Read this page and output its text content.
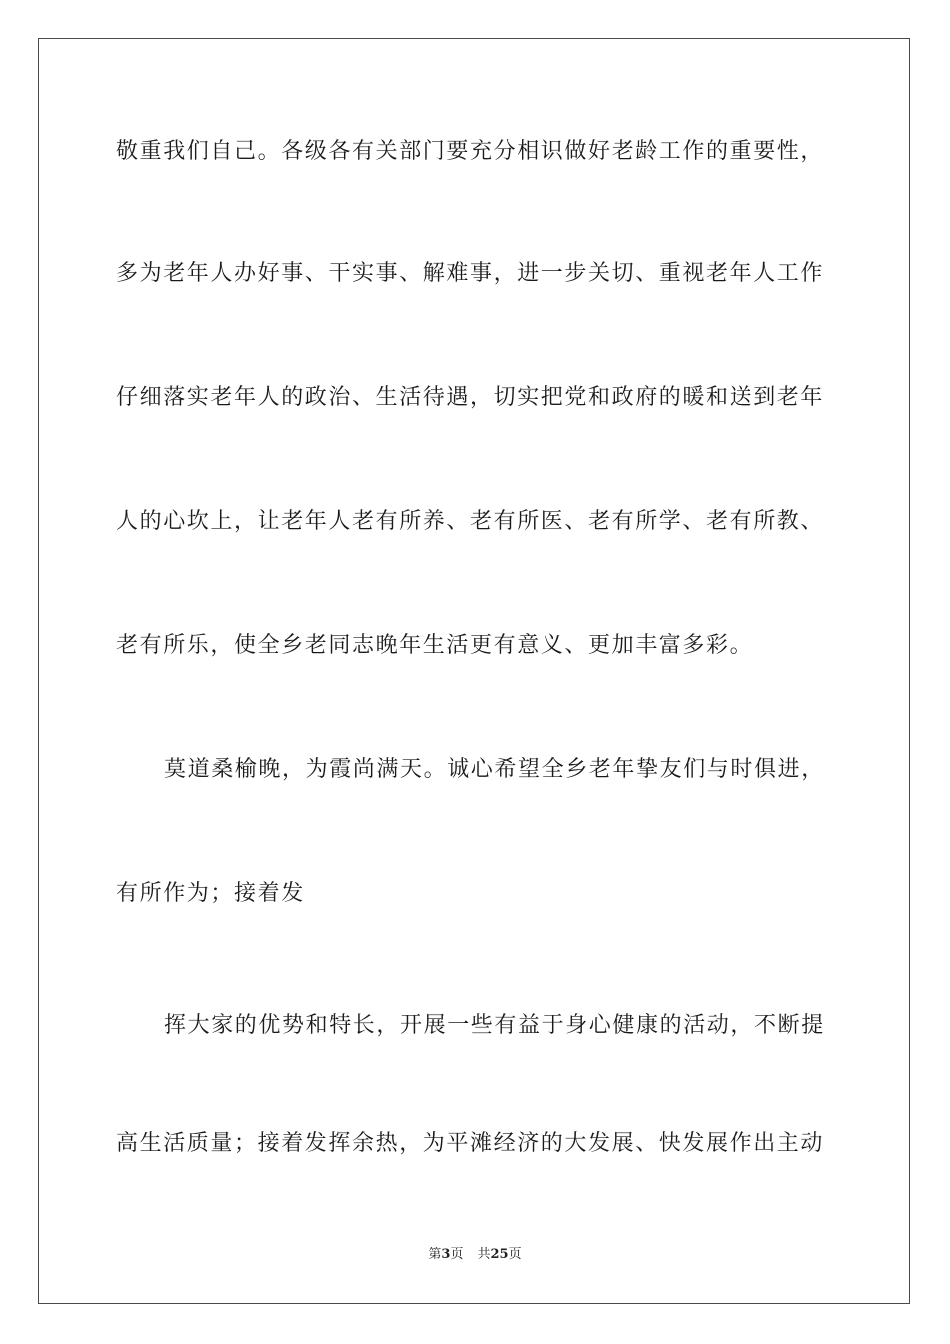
敬重我们自己。各级各有关部门要充分相识做好老龄工作的重要性，
多为老年人办好事、干实事、解难事，进一步关切、重视老年人工作
仔细落实老年人的政治、生活待遇，切实把党和政府的暖和送到老年
人的心坎上，让老年人老有所养、老有所医、老有所学、老有所教、
老有所乐，使全乡老同志晚年生活更有意义、更加丰富多彩。
莫道桑榆晚，为霞尚满天。诚心希望全乡老年挚友们与时俱进，
有所作为；接着发
挥大家的优势和特长，开展一些有益于身心健康的活动，不断提
高生活质量；接着发挥余热，为平滩经济的大发展、快发展作出主动
第3页 共25页
